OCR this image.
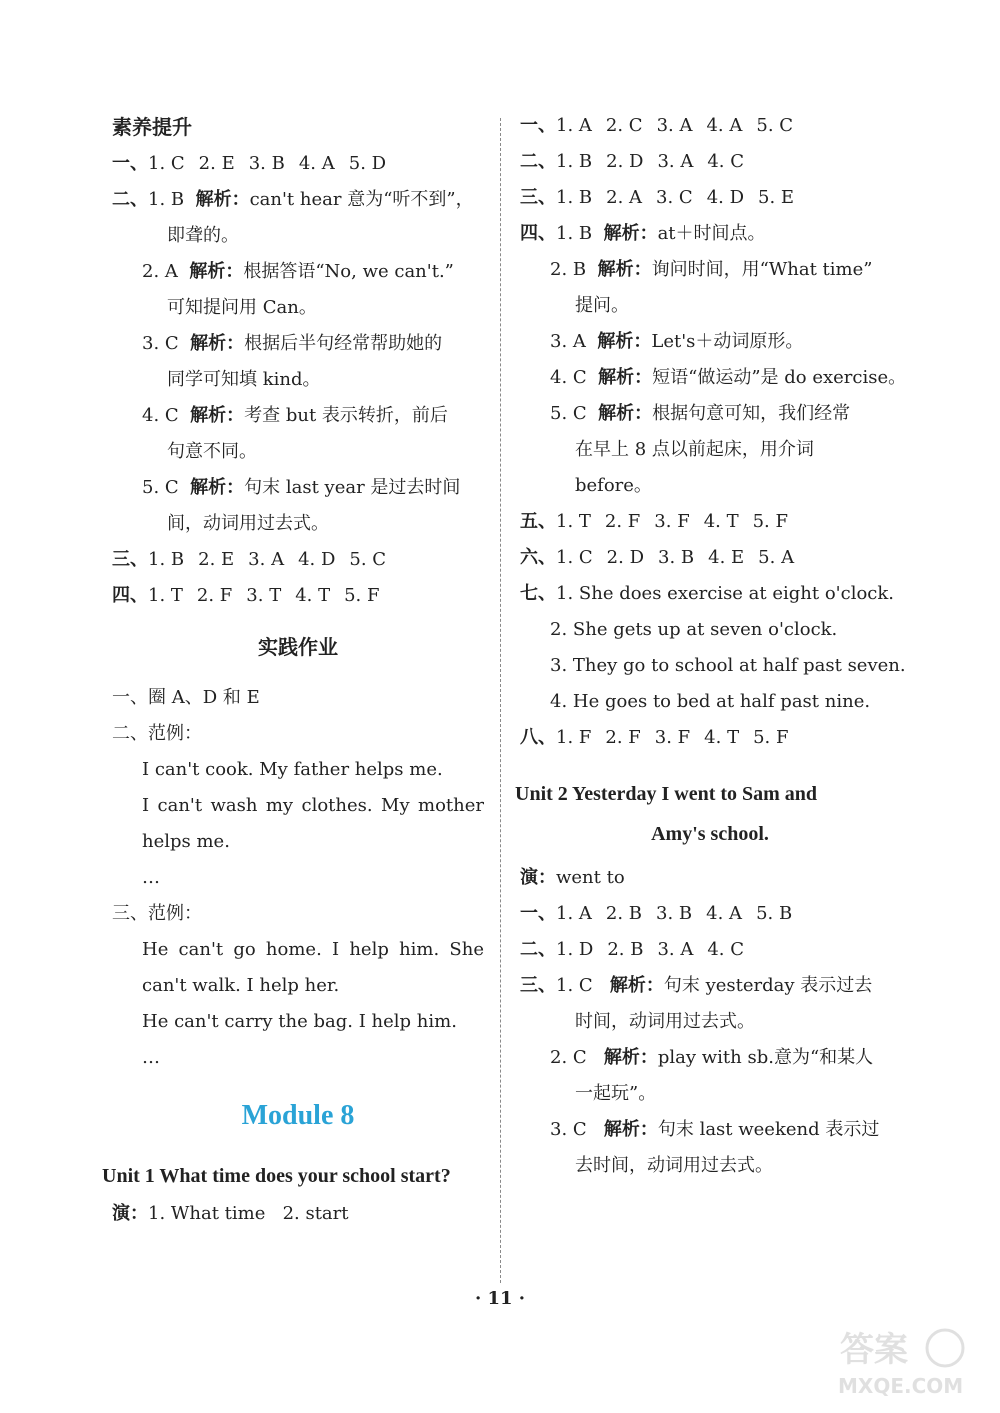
素养提升
一、1. C 2. E 3. B 4. A 5. D
二、1. B 解析：can't hear 意为“听不到”，
即聋的。
2. A 解析：根据答语“No, we can't.”
可知提问用 Can。
3. C 解析：根据后半句经常帮助她的
同学可知填 kind。
4. C 解析：考查 but 表示转折，前后
句意不同。
5. C 解析：句末 last year 是过去时间
间，动词用过去式。
三、1. B 2. E 3. A 4. D 5. C
四、1. T 2. F 3. T 4. T 5. F
实践作业
一、圈 A、D 和 E
二、范例：
I can't cook. My father helps me.
I can't wash my clothes. My mother helps me.
…
三、范例：
He can't go home. I help him. She can't walk. I help her.
He can't carry the bag. I help him.
…
Module 8
Unit 1 What time does your school start?
演：1. What time 2. start
一、1. A 2. C 3. A 4. A 5. C
二、1. B 2. D 3. A 4. C
三、1. B 2. A 3. C 4. D 5. E
四、1. B 解析：at＋时间点。
2. B 解析：询问时间，用“What time”
提问。
3. A 解析：Let's＋动词原形。
4. C 解析：短语“做运动”是 do exercise。
5. C 解析：根据句意可知，我们经常
在早上 8 点以前起床，用介词
before。
五、1. T 2. F 3. F 4. T 5. F
六、1. C 2. D 3. B 4. E 5. A
七、1. She does exercise at eight o'clock.
2. She gets up at seven o'clock.
3. They go to school at half past seven.
4. He goes to bed at half past nine.
八、1. F 2. F 3. F 4. T 5. F
Unit 2 Yesterday I went to Sam and
Amy's school.
演：went to
一、1. A 2. B 3. B 4. A 5. B
二、1. D 2. B 3. A 4. C
三、1. C 解析：句末 yesterday 表示过去
时间，动词用过去式。
2. C 解析：play with sb.意为“和某人
一起玩”。
3. C 解析：句末 last weekend 表示过
去时间，动词用过去式。
· 11 ·
答案
MXQE.COM
